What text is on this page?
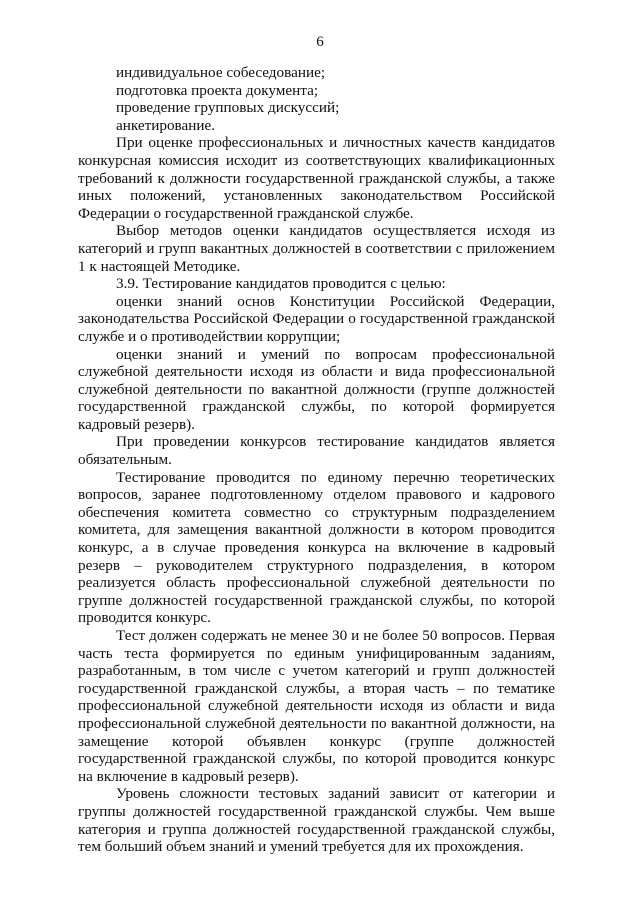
6

индивидуальное собеседование;

подготовка проекта документа;

проведение групповых дискуссий;

анкетирование.

При оценке профессиональных и личностных качеств кандидатов конкурсная комиссия исходит из соответствующих квалификационных требований к должности государственной гражданской службы, а также иных положений, установленных законодательством Российской Федерации о государственной гражданской службе.

Выбор методов оценки кандидатов осуществляется исходя из категорий и групп вакантных должностей в соответствии с приложением 1 к настоящей Методике.

3.9. Тестирование кандидатов проводится с целью:

оценки знаний основ Конституции Российской Федерации, законодательства Российской Федерации о государственной гражданской службе и о противодействии коррупции;

оценки знаний и умений по вопросам профессиональной служебной деятельности исходя из области и вида профессиональной служебной деятельности по вакантной должности (группе должностей государственной гражданской службы, по которой формируется кадровый резерв).

При проведении конкурсов тестирование кандидатов является обязательным.

Тестирование проводится по единому перечню теоретических вопросов, заранее подготовленному отделом правового и кадрового обеспечения комитета совместно со структурным подразделением комитета, для замещения вакантной должности в котором проводится конкурс, а в случае проведения конкурса на включение в кадровый резерв – руководителем структурного подразделения, в котором реализуется область профессиональной служебной деятельности по группе должностей государственной гражданской службы, по которой проводится конкурс.

Тест должен содержать не менее 30 и не более 50 вопросов. Первая часть теста формируется по единым унифицированным заданиям, разработанным, в том числе с учетом категорий и групп должностей государственной гражданской службы, а вторая часть – по тематике профессиональной служебной деятельности исходя из области и вида профессиональной служебной деятельности по вакантной должности, на замещение которой объявлен конкурс (группе должностей государственной гражданской службы, по которой проводится конкурс на включение в кадровый резерв).

Уровень сложности тестовых заданий зависит от категории и группы должностей государственной гражданской службы. Чем выше категория и группа должностей государственной гражданской службы, тем больший объем знаний и умений требуется для их прохождения.
